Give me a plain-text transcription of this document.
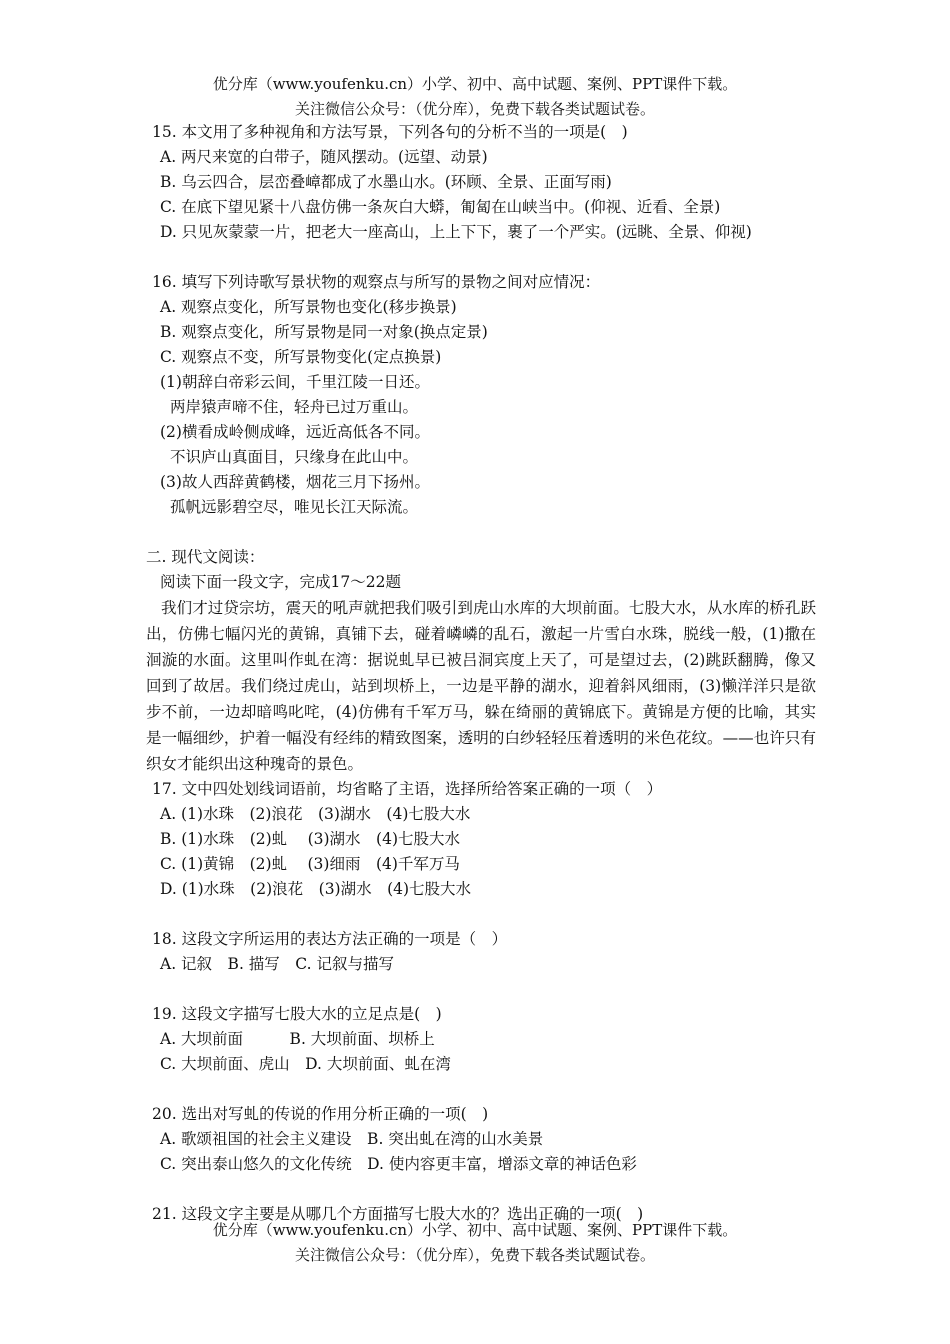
优分库（www.youfenku.cn）小学、初中、高中试题、案例、PPT课件下载。
关注微信公众号：（优分库），免费下载各类试题试卷。
15. 本文用了多种视角和方法写景，下列各句的分析不当的一项是(　)
A. 两尺来宽的白带子，随风摆动。(远望、动景)
B. 乌云四合，层峦叠嶂都成了水墨山水。(环顾、全景、正面写雨)
C. 在底下望见紧十八盘仿佛一条灰白大蟒，匍匐在山峡当中。(仰视、近看、全景)
D. 只见灰蒙蒙一片，把老大一座高山，上上下下，裹了一个严实。(远眺、全景、仰视)
16. 填写下列诗歌写景状物的观察点与所写的景物之间对应情况：
A. 观察点变化，所写景物也变化(移步换景)
B. 观察点变化，所写景物是同一对象(换点定景)
C. 观察点不变，所写景物变化(定点换景)
(1)朝辞白帝彩云间，千里江陵一日还。
两岸猿声啼不住，轻舟已过万重山。
(2)横看成岭侧成峰，远近高低各不同。
不识庐山真面目，只缘身在此山中。
(3)故人西辞黄鹤楼，烟花三月下扬州。
孤帆远影碧空尽，唯见长江天际流。
二. 现代文阅读：
阅读下面一段文字，完成17～22题

我们才过贷宗坊，震天的吼声就把我们吸引到虎山水库的大坝前面。七股大水，从水库的桥孔跃出，仿佛七幅闪光的黄锦，真铺下去，碰着嶙嶙的乱石，激起一片雪白水珠，脱线一般，(1)撒在洄漩的水面。这里叫作虬在湾：据说虬早已被吕洞宾度上天了，可是望过去，(2)跳跃翻腾，像又回到了故居。我们绕过虎山，站到坝桥上，一边是平静的湖水，迎着斜风细雨，(3)懒洋洋只是欲步不前，一边却暗鸣叱咤，(4)仿佛有千军万马，躲在绮丽的黄锦底下。黄锦是方便的比喻，其实是一幅细纱，护着一幅没有经纬的精致图案，透明的白纱轻轻压着透明的米色花纹。——也许只有织女才能织出这种瑰奇的景色。

17. 文中四处划线词语前，均省略了主语，选择所给答案正确的一项（　）
A. (1)水珠　(2)浪花　(3)湖水　(4)七股大水
B. (1)水珠　(2)虬　 (3)湖水　(4)七股大水
C. (1)黄锦　(2)虬　 (3)细雨　(4)千军万马
D. (1)水珠　(2)浪花　(3)湖水　(4)七股大水
18. 这段文字所运用的表达方法正确的一项是（　）
A. 记叙　B. 描写　C. 记叙与描写
19. 这段文字描写七股大水的立足点是(　)
A. 大坝前面　　　B. 大坝前面、坝桥上
C. 大坝前面、虎山　D. 大坝前面、虬在湾
20. 选出对写虬的传说的作用分析正确的一项(　)
A. 歌颂祖国的社会主义建设　B. 突出虬在湾的山水美景
C. 突出泰山悠久的文化传统　D. 使内容更丰富，增添文章的神话色彩
21. 这段文字主要是从哪几个方面描写七股大水的？选出正确的一项(　)
优分库（www.youfenku.cn）小学、初中、高中试题、案例、PPT课件下载。
关注微信公众号：（优分库），免费下载各类试题试卷。
